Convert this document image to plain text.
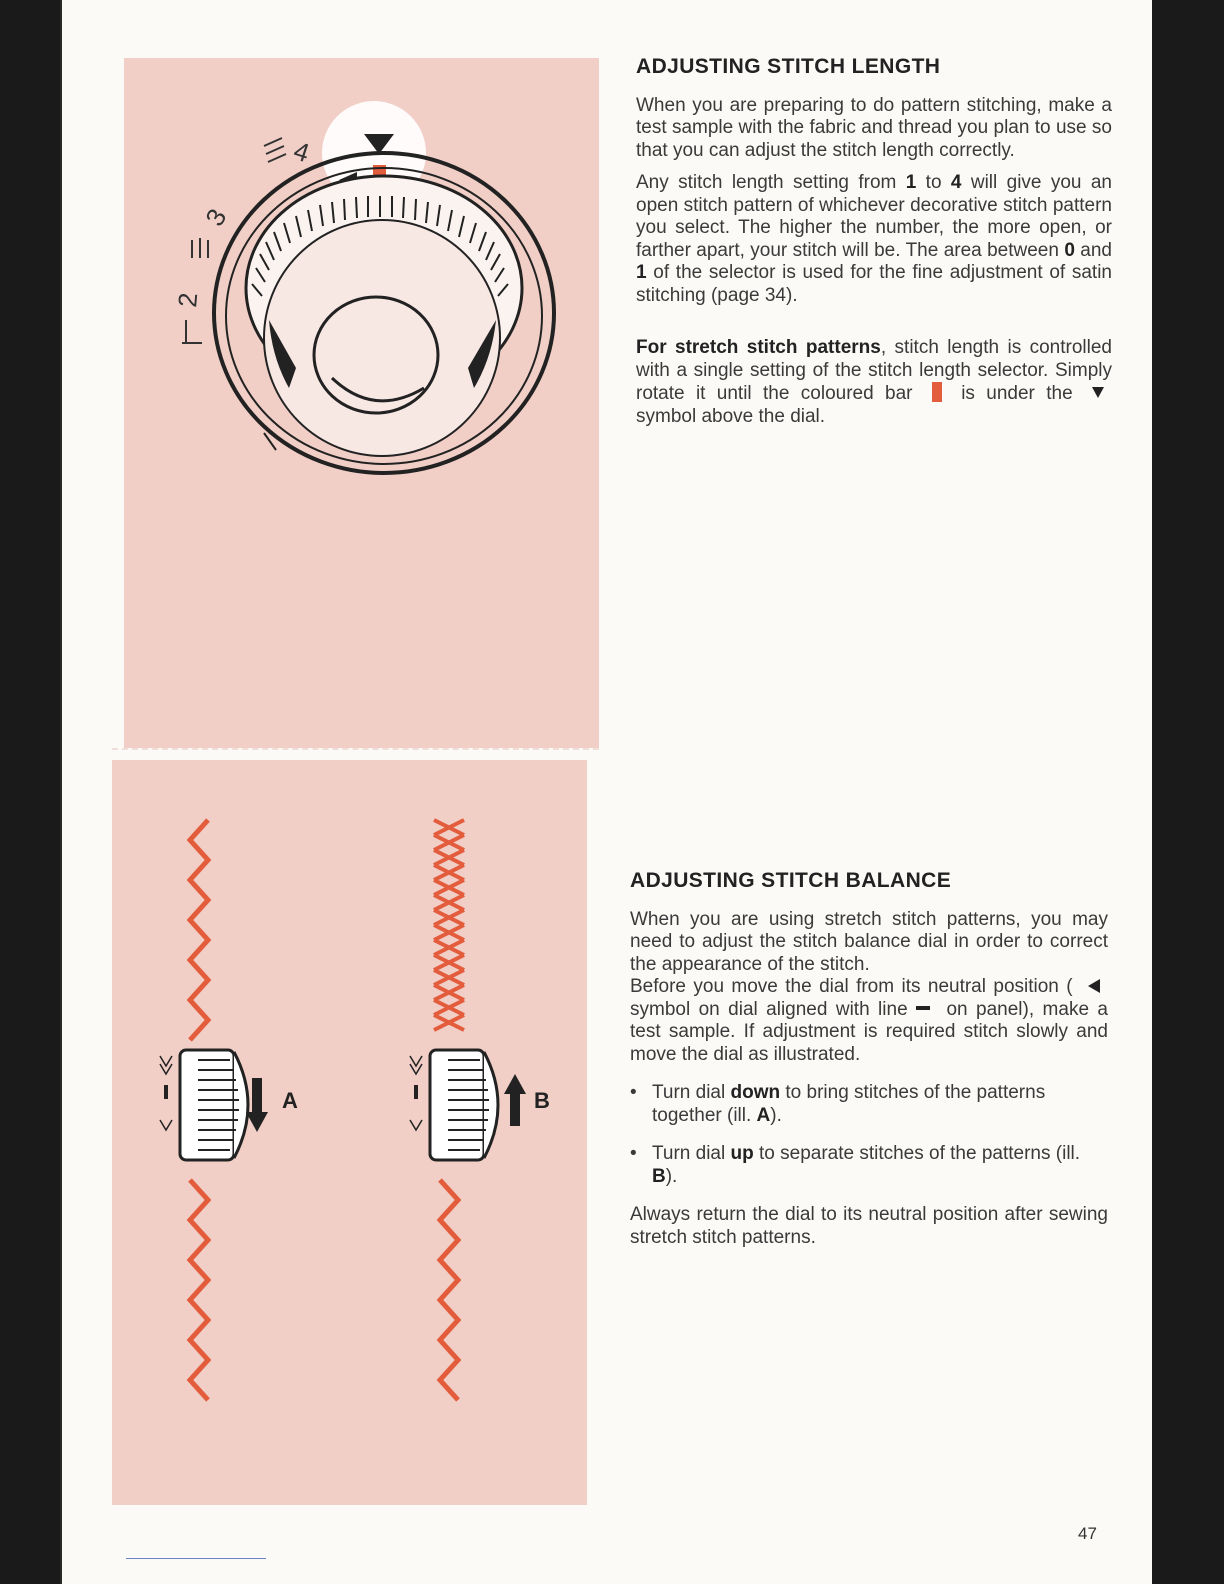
4
3
2
A	B
ADJUSTING STITCH LENGTH

When you are preparing to do pattern stitching, make a test sample with the fabric and thread you plan to use so that you can adjust the stitch length correctly.

Any stitch length setting from 1 to 4 will give you an open stitch pattern of whichever decorative stitch pattern you select. The higher the number, the more open, or farther apart, your stitch will be. The area between 0 and 1 of the selector is used for the fine adjustment of satin stitching (page 34).

For stretch stitch patterns, stitch length is controlled with a single setting of the stitch length selector. Simply rotate it until the coloured bar  is under the  symbol above the dial.

ADJUSTING STITCH BALANCE

When you are using stretch stitch patterns, you may need to adjust the stitch balance dial in order to correct the appearance of the stitch.

Before you move the dial from its neutral position (  symbol on dial aligned with line  on panel), make a test sample. If adjustment is required stitch slowly and move the dial as illustrated.

• Turn dial down to bring stitches of the patterns together (ill. A).
• Turn dial up to separate stitches of the patterns (ill. B).

Always return the dial to its neutral position after sewing stretch stitch patterns.

47
